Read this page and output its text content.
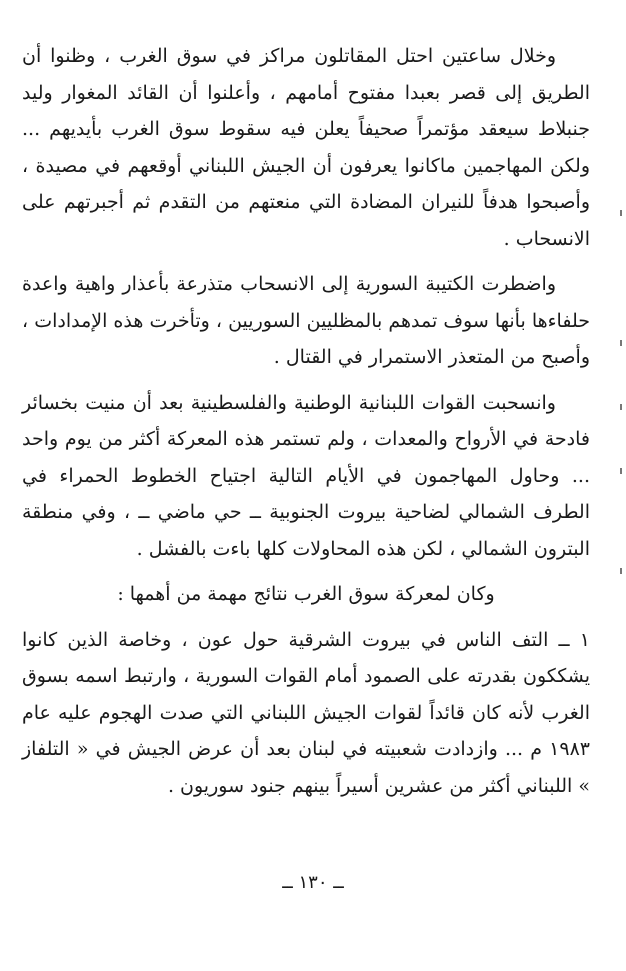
وخلال ساعتين احتل المقاتلون مراكز في سوق الغرب ، وظنوا أن الطريق إلى قصر بعبدا مفتوح أمامهم ، وأعلنوا أن القائد المغوار وليد جنبلاط سيعقد مؤتمراً صحيفاً يعلن فيه سقوط سوق الغرب بأيديهم ... ولكن المهاجمين ماكانوا يعرفون أن الجيش اللبناني أوقعهم في مصيدة ، وأصبحوا هدفاً للنيران المضادة التي منعتهم من التقدم ثم أجبرتهم على الانسحاب .

واضطرت الكتيبة السورية إلى الانسحاب متذرعة بأعذار واهية واعدة حلفاءها بأنها سوف تمدهم بالمظليين السوريين ، وتأخرت هذه الإمدادات ، وأصبح من المتعذر الاستمرار في القتال .

وانسحبت القوات اللبنانية الوطنية والفلسطينية بعد أن منيت بخسائر فادحة في الأرواح والمعدات ، ولم تستمر هذه المعركة أكثر من يوم واحد ... وحاول المهاجمون في الأيام التالية اجتياح الخطوط الحمراء في الطرف الشمالي لضاحية بيروت الجنوبية ــ حي ماضي ــ ، وفي منطقة البترون الشمالي ، لكن هذه المحاولات كلها باءت بالفشل .

وكان لمعركة سوق الغرب نتائج مهمة من أهمها :

١ ــ التف الناس في بيروت الشرقية حول عون ، وخاصة الذين كانوا يشككون بقدرته على الصمود أمام القوات السورية ، وارتبط اسمه بسوق الغرب لأنه كان قائداً لقوات الجيش اللبناني التي صدت الهجوم عليه عام ١٩٨٣ م ... وازدادت شعبيته في لبنان بعد أن عرض الجيش في « التلفاز » اللبناني أكثر من عشرين أسيراً بينهم جنود سوريون .

ــ ١٣٠ ــ
